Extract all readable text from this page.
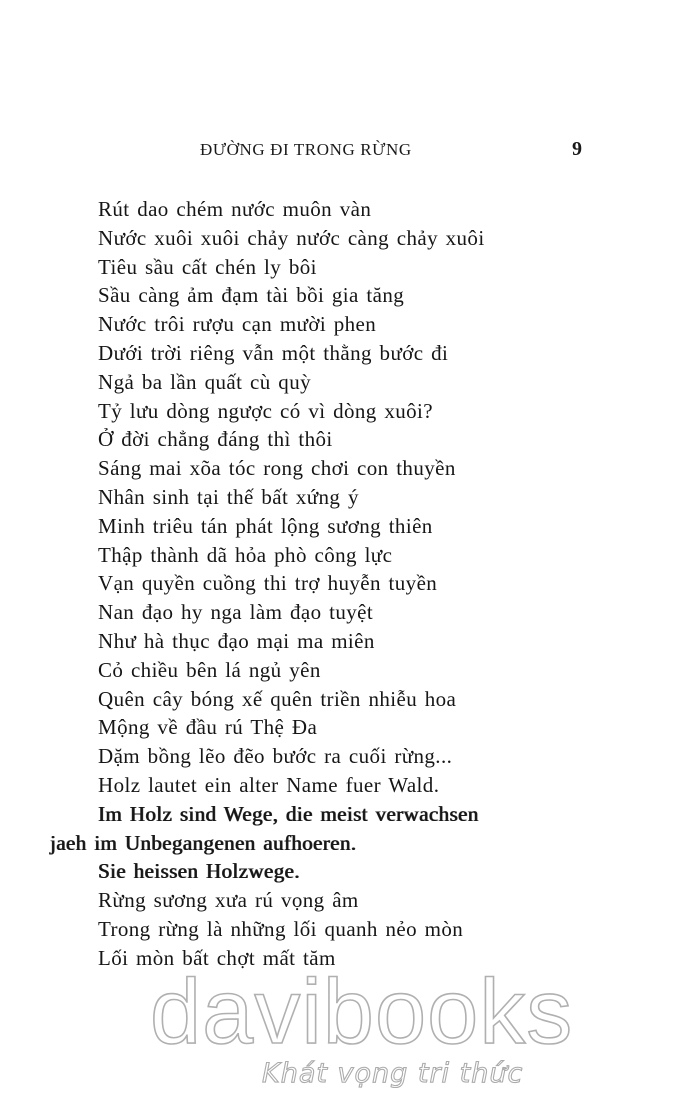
ĐƯỜNG ĐI TRONG RỪNG	9
Rút dao chém nước muôn vàn
Nước xuôi xuôi chảy nước càng chảy xuôi
Tiêu sầu cất chén ly bôi
Sầu càng ảm đạm tài bồi gia tăng
Nước trôi rượu cạn mười phen
Dưới trời riêng vẫn một thằng bước đi
Ngả ba lần quất cù quỳ
Tỷ lưu dòng ngược có vì dòng xuôi?
Ở đời chẳng đáng thì thôi
Sáng mai xõa tóc rong chơi con thuyền
Nhân sinh tại thế bất xứng ý
Minh triêu tán phát lộng sương thiên
Thập thành dã hỏa phò công lực
Vạn quyền cuồng thi trợ huyễn tuyền
Nan đạo hy nga làm đạo tuyệt
Như hà thục đạo mại ma miên
Cỏ chiều bên lá ngủ yên
Quên cây bóng xế quên triền nhiễu hoa
Mộng về đầu rú Thệ Đa
Dặm bồng lẽo đẽo bước ra cuối rừng...
Holz lautet ein alter Name fuer Wald.
Im Holz sind Wege, die meist verwachsen
jaeh im Unbegangenen aufhoeren.
Sie heissen Holzwege.
Rừng sương xưa rú vọng âm
Trong rừng là những lối quanh nẻo mòn
Lối mòn bất chợt mất tăm
davibooks
Khát vọng tri thức
